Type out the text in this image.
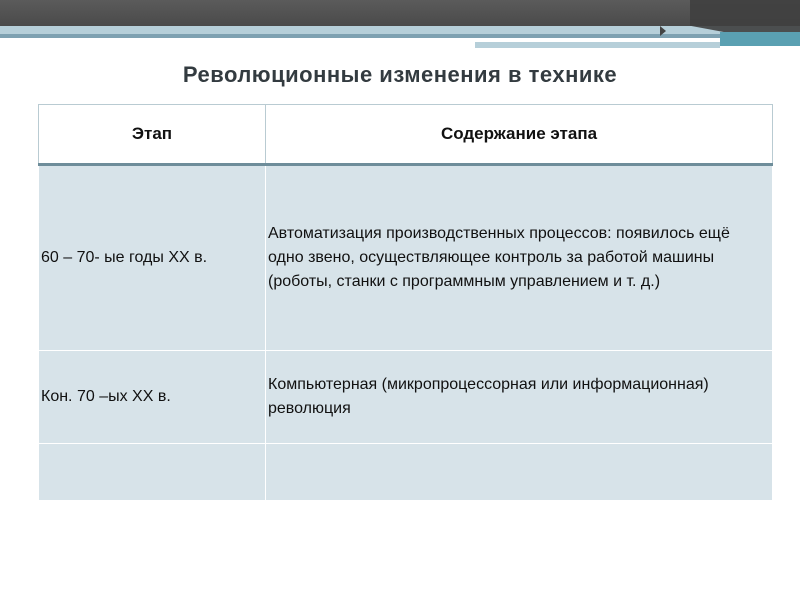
Революционные изменения в технике
Этап	Содержание этапа
60 – 70- ые годы ХХ в.	Автоматизация производственных процессов: появилось ещё одно звено, осуществляющее контроль за работой машины (роботы, станки с программным управлением и т. д.)
Кон. 70 –ых ХХ в.	Компьютерная (микропроцессорная или информационная) революция
